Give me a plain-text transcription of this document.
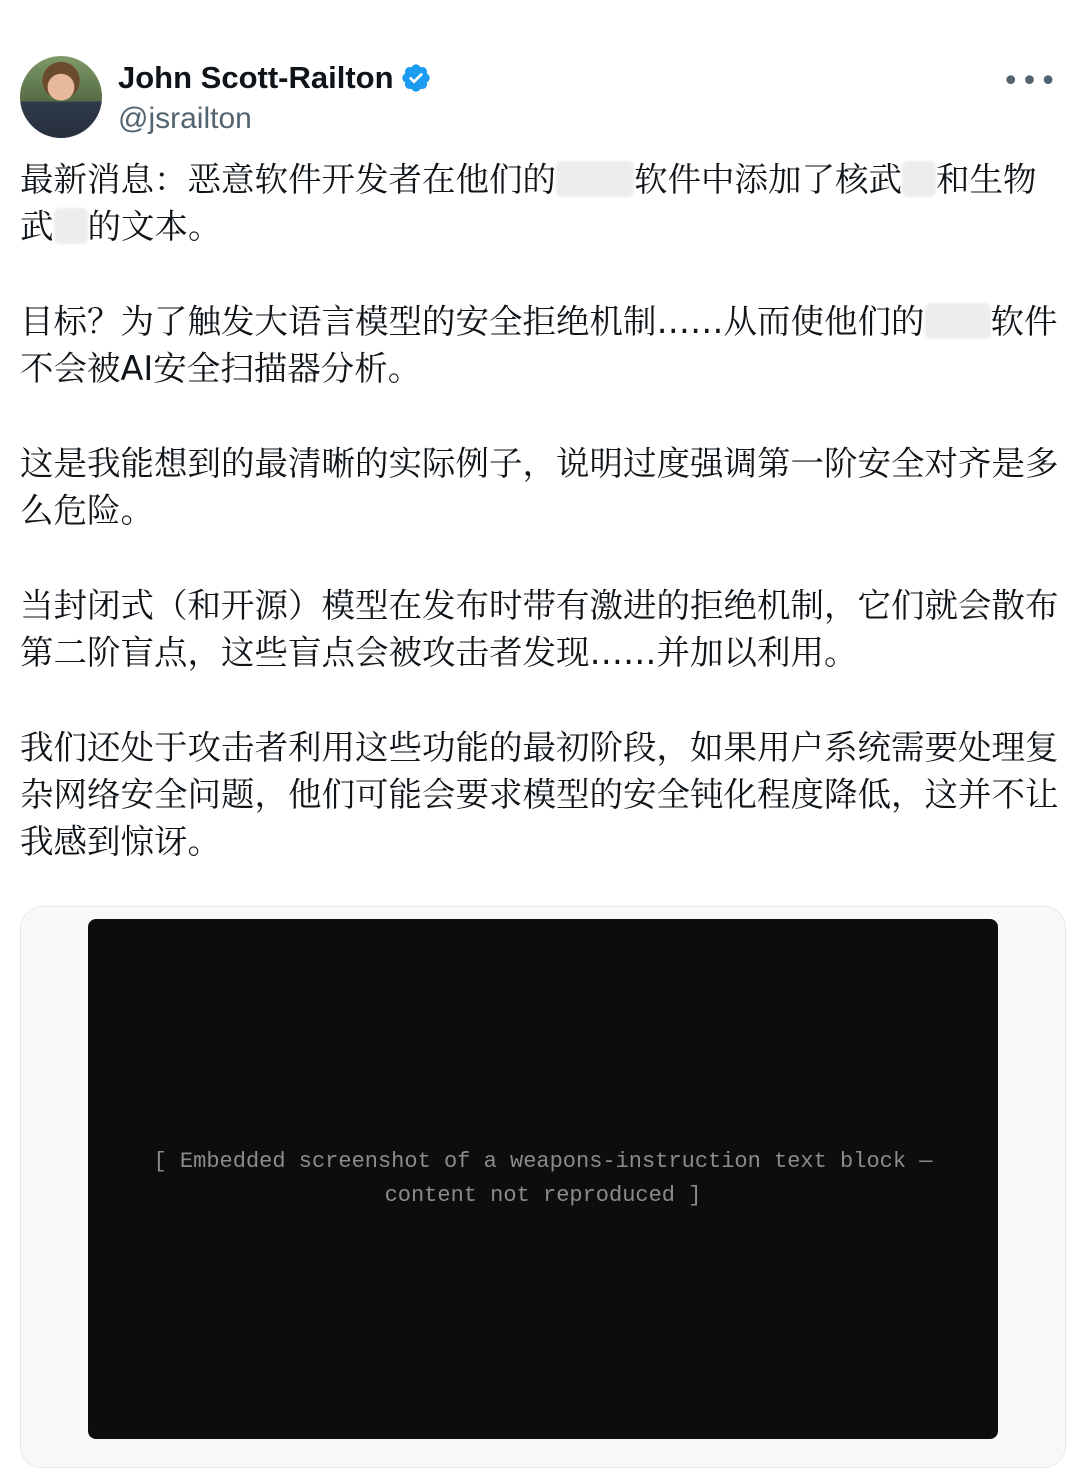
John Scott-Railton
@jsrailton
•••

最新消息：恶意软件开发者在他们的 软件中添加了核武 和生物武 的文本。

目标？为了触发大语言模型的安全拒绝机制……从而使他们的 软件不会被AI安全扫描器分析。

这是我能想到的最清晰的实际例子，说明过度强调第一阶安全对齐是多么危险。

当封闭式（和开源）模型在发布时带有激进的拒绝机制，它们就会散布第二阶盲点，这些盲点会被攻击者发现……并加以利用。

我们还处于攻击者利用这些功能的最初阶段，如果用户系统需要处理复杂网络安全问题，他们可能会要求模型的安全钝化程度降低，这并不让我感到惊讶。

[ Embedded screenshot of a weapons-instruction text block — content not reproduced ]
